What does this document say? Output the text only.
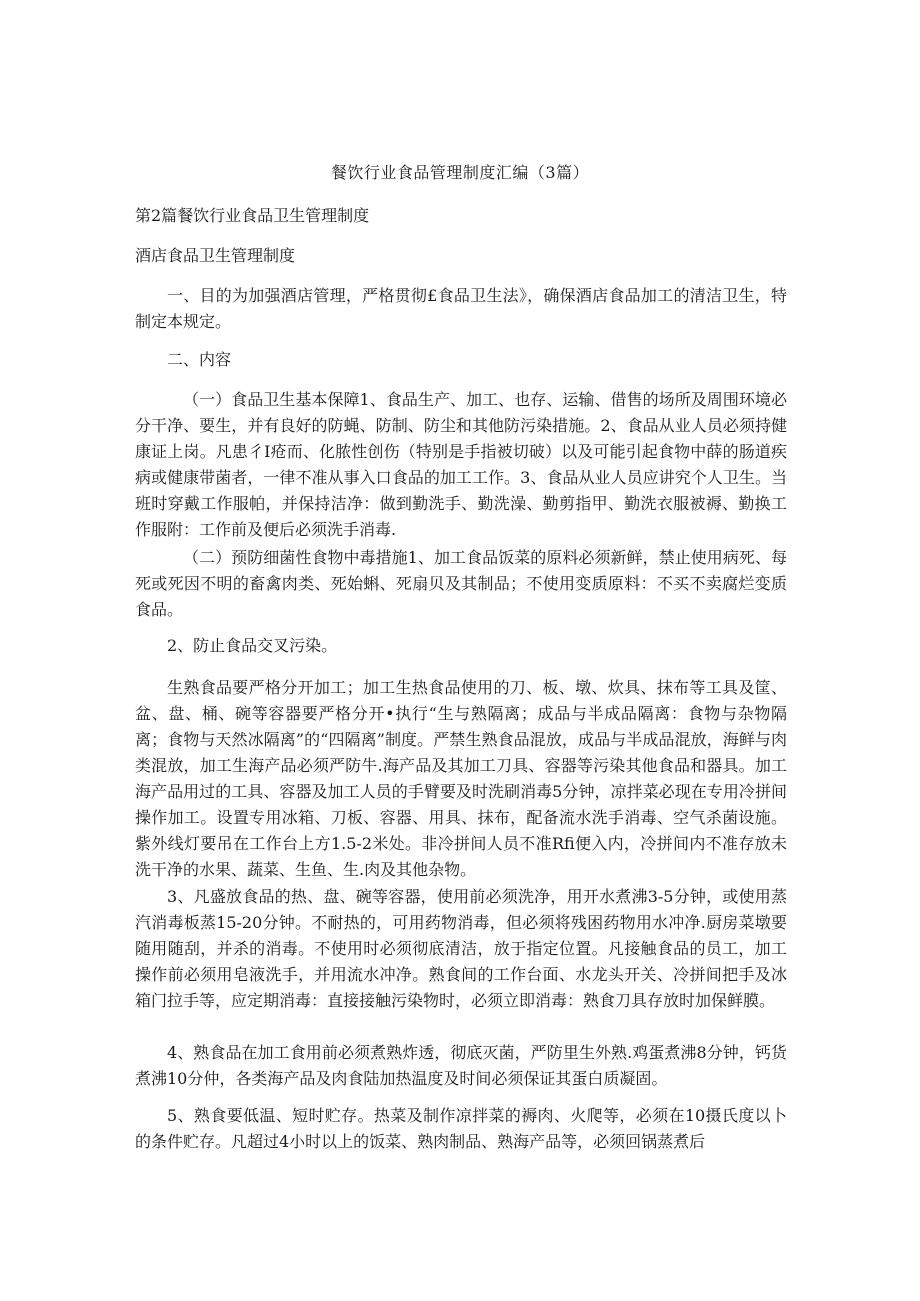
餐饮行业食品管理制度汇编（3篇）

第2篇餐饮行业食品卫生管理制度

酒店食品卫生管理制度

一、目的为加强酒店管理，严格贯彻£食品卫生法》，确保酒店食品加工的清洁卫生，特制定本规定。

二、内容

（一）食品卫生基本保障1、食品生产、加工、也存、运输、借售的场所及周围环境必分干净、要生，并有良好的防蝇、防制、防尘和其他防污染措施。2、食品从业人员必须持健康证上岗。凡患彳I疮而、化脓性创伤（特别是手指被切破）以及可能引起食物中薛的肠道疾病或健康带菌者，一律不准从事入口食品的加工工作。3、食品从业人员应讲究个人卫生。当班时穿戴工作服帕，并保持洁净：做到勤洗手、勤洗澡、勤剪指甲、勤洗衣服被褥、勤换工作服附：工作前及便后必须洗手消毒.

（二）预防细菌性食物中毒措施1、加工食品饭菜的原料必须新鲜，禁止使用病死、每死或死因不明的畜禽肉类、死始蝌、死扇贝及其制品；不使用变质原料：不买不卖腐烂变质食品。

2、防止食品交叉污染。

生熟食品要严格分开加工；加工生热食品使用的刀、板、墩、炊具、抹布等工具及筐、盆、盘、桶、碗等容器要严格分开•执行“生与熟隔离；成品与半成品隔离：食物与杂物隔离；食物与天然冰隔离”的“四隔离”制度。严禁生熟食品混放，成品与半成品混放，海鲜与肉类混放，加工生海产品必须严防牛.海产品及其加工刀具、容器等污染其他食品和器具。加工海产品用过的工具、容器及加工人员的手臂要及时洗刷消毒5分钟，凉拌菜必现在专用冷拼间操作加工。设置专用冰箱、刀板、容器、用具、抹布，配备流水洗手消毒、空气杀菌设施。紫外线灯要吊在工作台上方1.5-2米处。非冷拼间人员不准Rfi便入内，冷拼间内不准存放未洗干净的水果、蔬菜、生鱼、生.肉及其他杂物。

3、凡盛放食品的热、盘、碗等容器，使用前必须洗净，用开水煮沸3-5分钟，或使用蒸汽消毒板蒸15-20分钟。不耐热的，可用药物消毒，但必须将残困药物用水冲净.厨房菜墩要随用随刮，并杀的消毒。不使用时必须彻底清洁，放于指定位置。凡接触食品的员工，加工操作前必须用皂液洗手，并用流水冲净。熟食间的工作台面、水龙头开关、冷拼间把手及冰箱门拉手等，应定期消毒：直接接触污染物时，必须立即消毒：熟食刀具存放时加保鲜膜。

4、熟食品在加工食用前必须煮熟炸透，彻底灭菌，严防里生外熟.鸡蛋煮沸8分钟，钙货煮沸10分仲，各类海产品及肉食陆加热温度及时间必须保证其蛋白质凝固。

5、熟食要低温、短时贮存。热菜及制作凉拌菜的褥肉、火爬等，必须在10摄氏度以卜的条件贮存。凡超过4小时以上的饭菜、熟肉制品、熟海产品等，必须回锅蒸煮后
